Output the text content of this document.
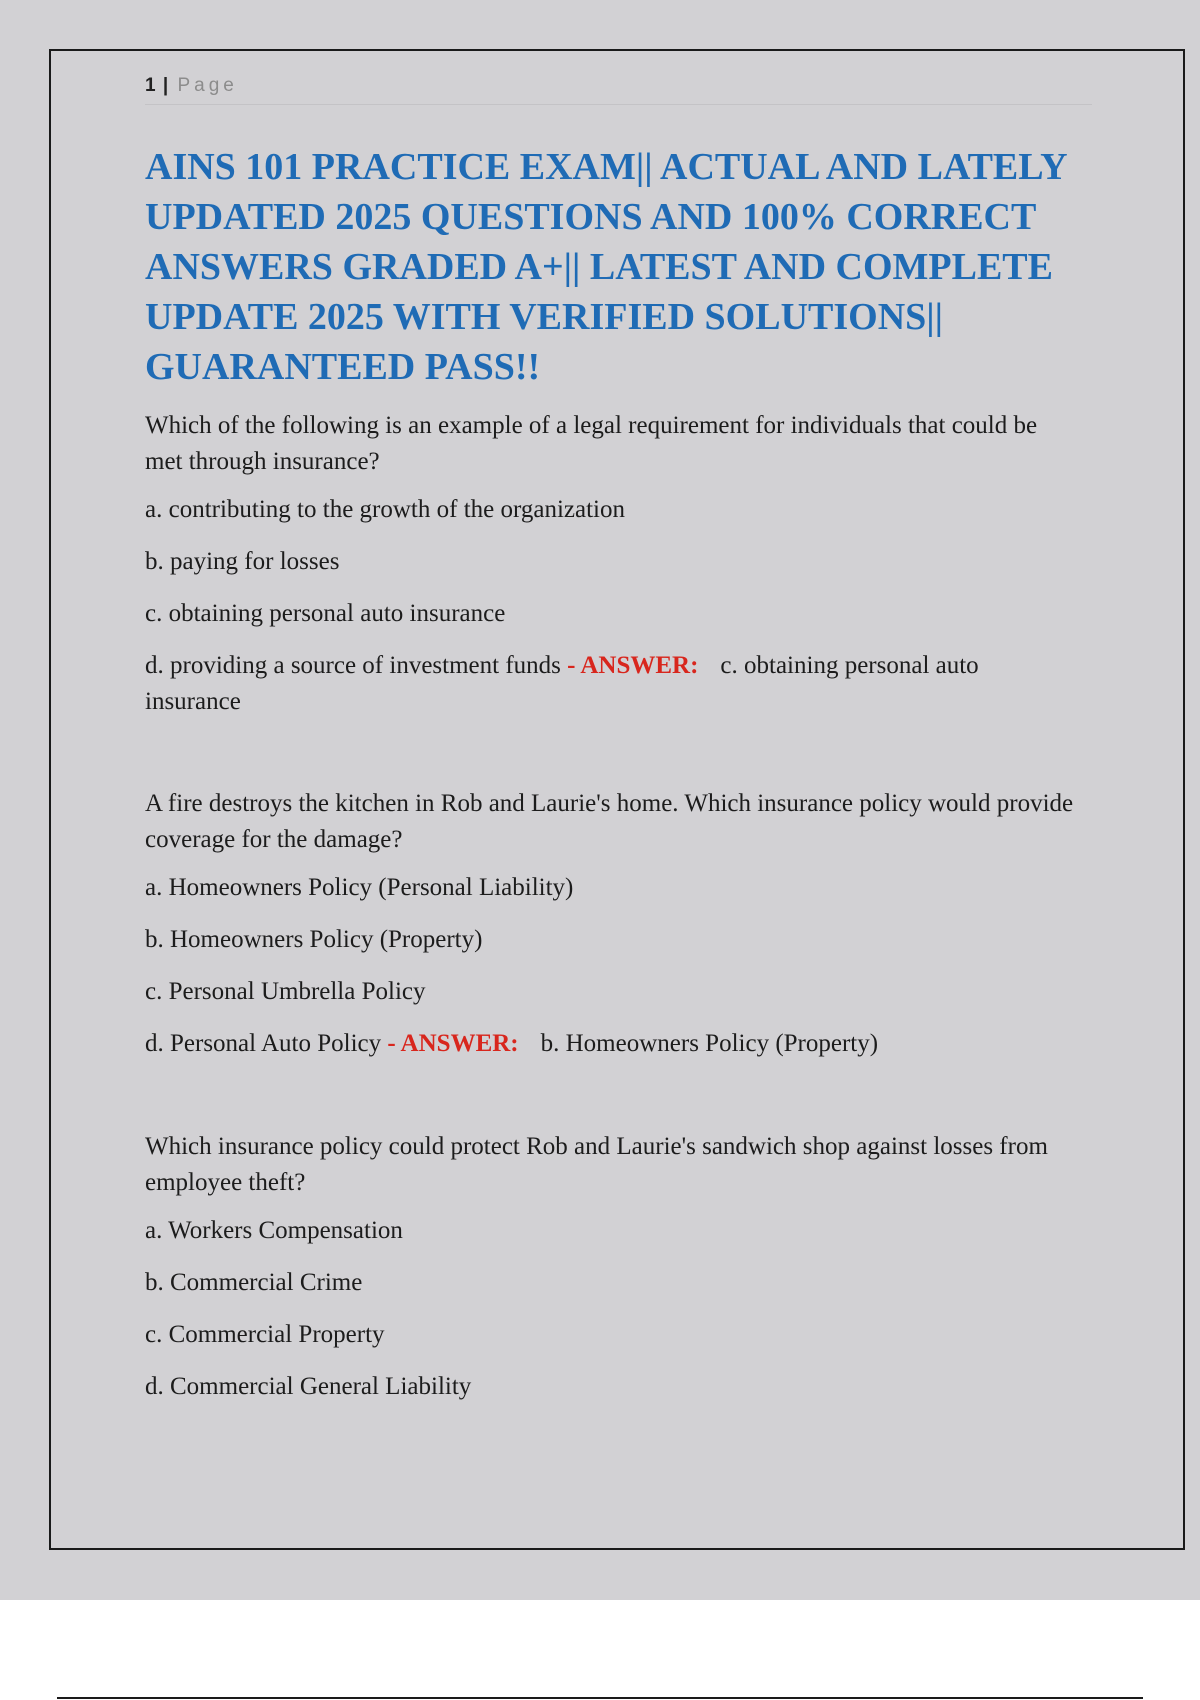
1 | Page
AINS 101 PRACTICE EXAM|| ACTUAL AND LATELY UPDATED 2025 QUESTIONS AND 100% CORRECT ANSWERS GRADED A+|| LATEST AND COMPLETE UPDATE 2025 WITH VERIFIED SOLUTIONS|| GUARANTEED PASS!!

Which of the following is an example of a legal requirement for individuals that could be met through insurance?

a. contributing to the growth of the organization

b. paying for losses

c. obtaining personal auto insurance

d. providing a source of investment funds - ANSWER: c. obtaining personal auto insurance

A fire destroys the kitchen in Rob and Laurie's home. Which insurance policy would provide coverage for the damage?

a. Homeowners Policy (Personal Liability)

b. Homeowners Policy (Property)

c. Personal Umbrella Policy

d. Personal Auto Policy - ANSWER: b. Homeowners Policy (Property)

Which insurance policy could protect Rob and Laurie's sandwich shop against losses from employee theft?

a. Workers Compensation

b. Commercial Crime

c. Commercial Property

d. Commercial General Liability
